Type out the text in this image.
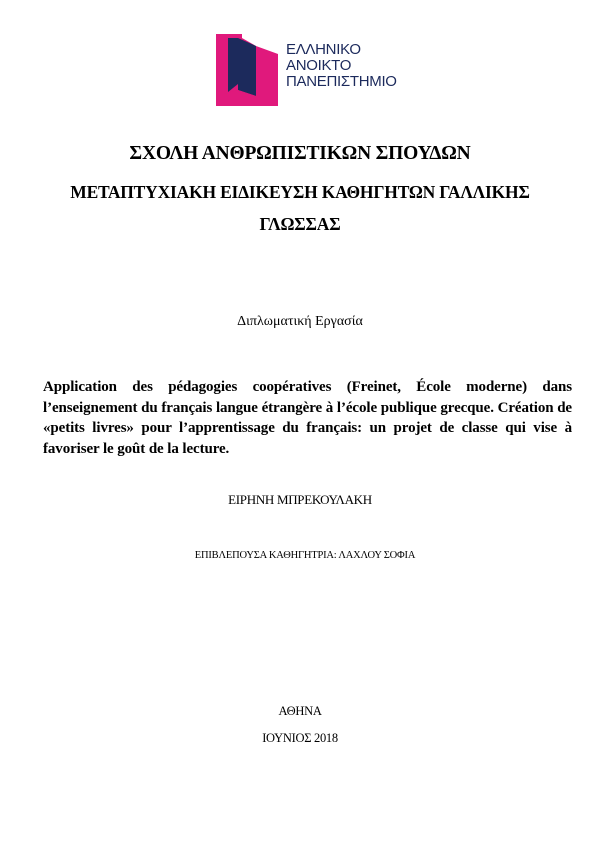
ΕΛΛΗΝΙΚΟ
ΑΝΟΙΚΤΟ
ΠΑΝΕΠΙΣΤΗΜΙΟ
ΣΧΟΛΗ ΑΝΘΡΩΠΙΣΤΙΚΩΝ ΣΠΟΥΔΩΝ
ΜΕΤΑΠΤΥΧΙΑΚΗ ΕΙΔΙΚΕΥΣΗ ΚΑΘΗΓΗΤΩΝ ΓΑΛΛΙΚΗΣ
ΓΛΩΣΣΑΣ
Διπλωματική Εργασία
Application des pédagogies coopératives (Freinet, École moderne) dans l’enseignement du français langue étrangère à l’école publique grecque. Création de «petits livres» pour l’apprentissage du français: un projet de classe qui vise à favoriser le goût de la lecture.
ΕΙΡΗΝΗ ΜΠΡΕΚΟΥΛΑΚΗ
ΕΠΙΒΛΕΠΟΥΣΑ ΚΑΘΗΓΗΤΡΙΑ: ΛΑΧΛΟΥ ΣΟΦΙΑ
ΑΘΗΝΑ
ΙΟΥΝΙΟΣ 2018
